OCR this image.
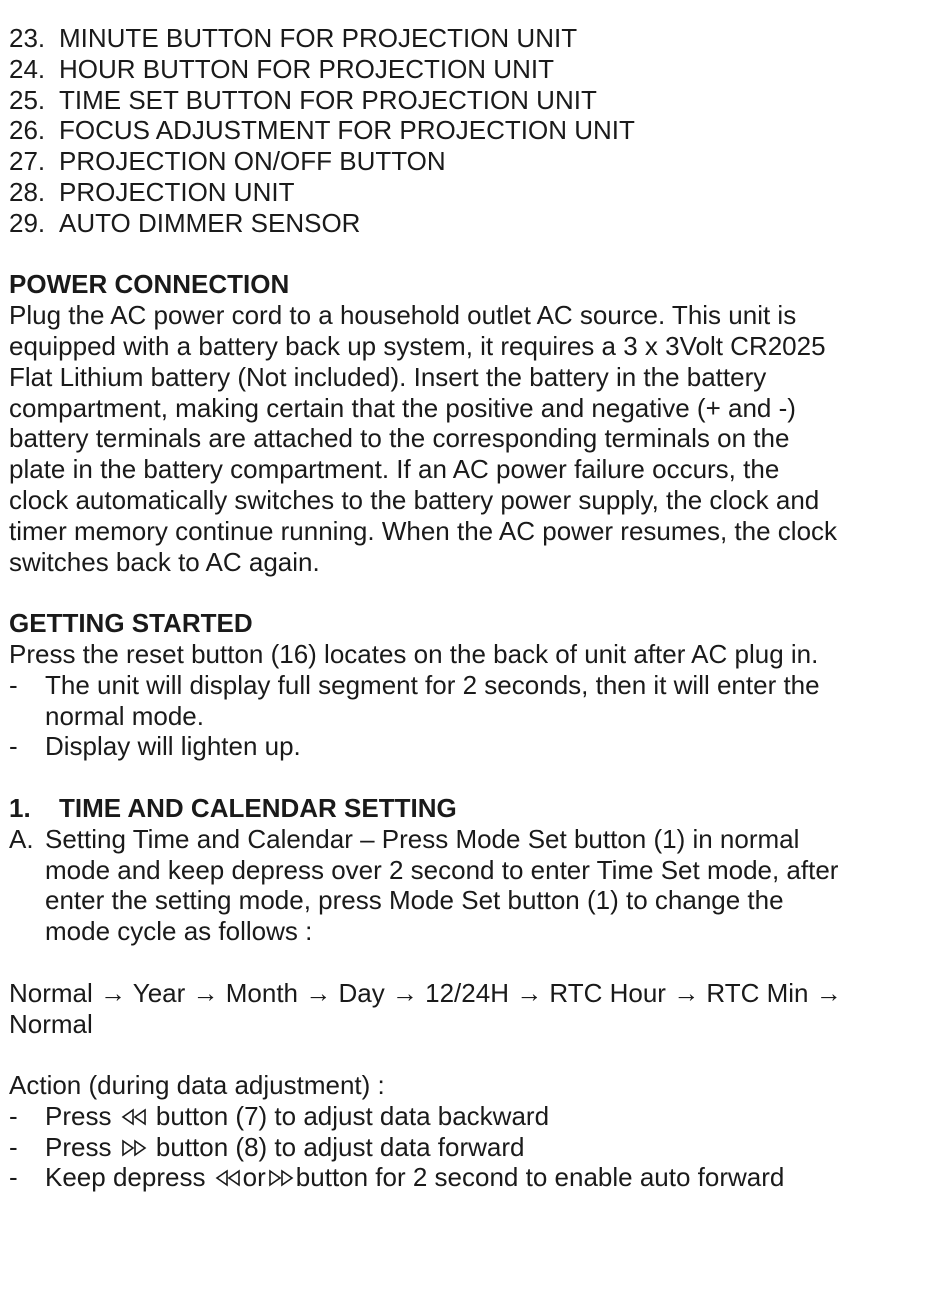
23. MINUTE BUTTON FOR PROJECTION UNIT
24. HOUR BUTTON FOR PROJECTION UNIT
25. TIME SET BUTTON FOR PROJECTION UNIT
26. FOCUS ADJUSTMENT FOR PROJECTION UNIT
27. PROJECTION ON/OFF BUTTON
28. PROJECTION UNIT
29. AUTO DIMMER SENSOR
POWER CONNECTION
Plug the AC power cord to a household outlet AC source. This unit is
equipped with a battery back up system, it requires a 3 x 3Volt CR2025
Flat Lithium battery (Not included). Insert the battery in the battery
compartment, making certain that the positive and negative (+ and -)
battery terminals are attached to the corresponding terminals on the
plate in the battery compartment. If an AC power failure occurs, the
clock automatically switches to the battery power supply, the clock and
timer memory continue running. When the AC power resumes, the clock
switches back to AC again.
GETTING STARTED
Press the reset button (16) locates on the back of unit after AC plug in.
-	The unit will display full segment for 2 seconds, then it will enter the
normal mode.
-	Display will lighten up.
1.	TIME AND CALENDAR SETTING
A. Setting Time and Calendar – Press Mode Set button (1) in normal
mode and keep depress over 2 second to enter Time Set mode, after
enter the setting mode, press Mode Set button (1) to change the
mode cycle as follows :
Normal → Year → Month → Day → 12/24H → RTC Hour → RTC Min →
Normal
Action (during data adjustment) :
-	Press
button (7) to adjust data backward
-	Press
button (8) to adjust data forward
-	Keep depress
or button for 2 second to enable auto forward
